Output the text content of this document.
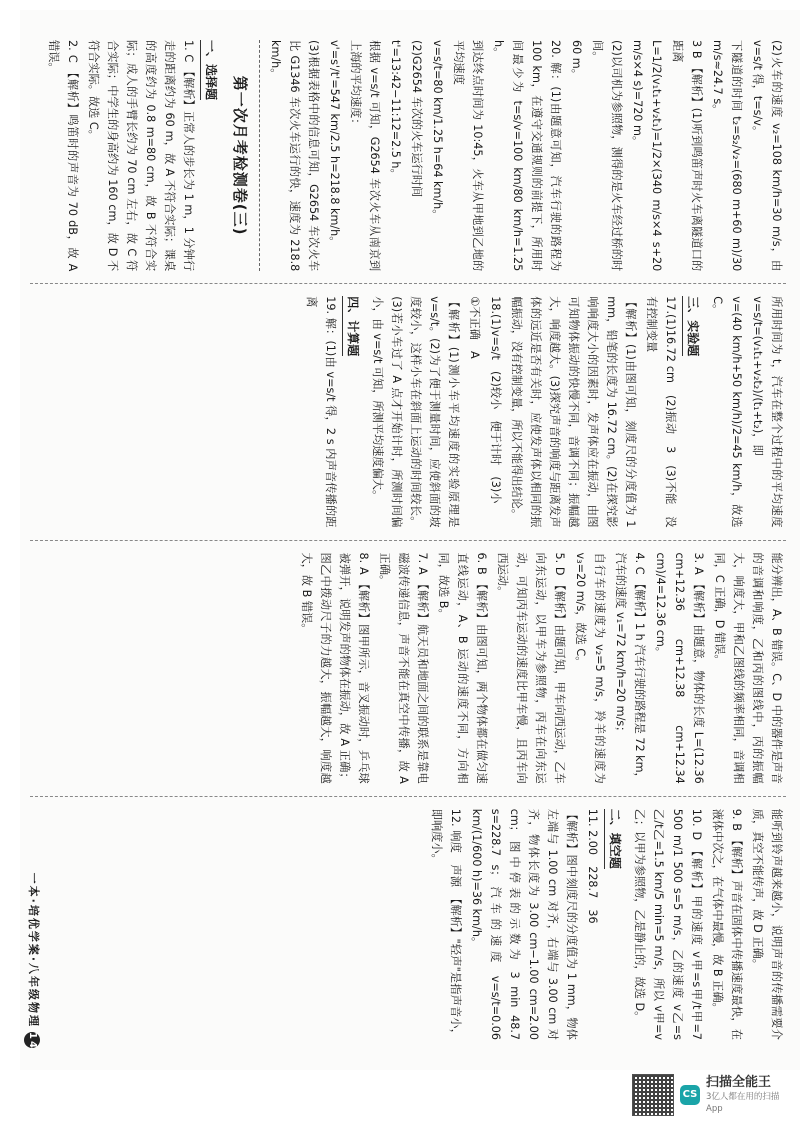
(2)火车的速度 v₂=108 km/h=30 m/s，由 v=s/t 得，t=s/v。

下隧道的时间 t₂=s₂/v₂=(680 m+60 m)/30 m/s≈24.7 s。

3 B 【解析】(1)听到鸣笛声时火车离隧道口的距离

L=1/2(v₁t₁+v₂t₁)=1/2×(340 m/s×4 s+20 m/s×4 s)=720 m。

(2)以司机为参照物，测得的是火车经过桥的时间。

60 m。

20. 解：(1)由题意可知，汽车行驶的路程为 100 km，在遵守交通规则的前提下，所用时间最少为 t=s/v=100 km/80 km/h=1.25 h。

到达终点时间为 10:45，火车从甲地到乙地的平均速度

v=s/t=80 km/1.25 h=64 km/h。

(2)G2654 车次的火车运行时间

t'=13:42−11:12=2.5 h。

根据 v=s/t 可知，G2654 车次火车从南京到上海的平均速度：

v'=s'/t'=547 km/2.5 h=218.8 km/h。

(3)根据表格中的信息可知，G2654 车次火车比 G1346 车次火车运行的快，速度为 218.8 km/h。

第一次月考检测卷(三)
一、选择题

1. C 【解析】正常人的步长为 1 m，1 分钟行走的距离约为 60 m，故 A 不符合实际；课桌的高度约为 0.8 m=80 cm，故 B 不符合实际；成人的手臂长约为 70 cm 左右，故 C 符合实际；中学生的身高约为 160 cm，故 D 不符合实际。故选 C。

2. C 【解析】鸣笛时的声音为 70 dB，故 A 错误。

所用时间为 t，汽车在整个过程中的平均速度 v=s/t=(v₁t₁+v₂t₂)/(t₁+t₂)，即

v=(40 km/h+50 km/h)/2=45 km/h，故选 C。

三、实验题

17.(1)16.72 cm　(2)振动　3　(3)不能　没有控制变量

【解析】(1)由图可知，刻度尺的分度值为 1 mm，铅笔的长度为 16.72 cm。(2)在探究影响响度大小的因素时，发声体应在振动，由图可知物体振动的快慢不同，音调不同；振幅越大，响度越大。(3)探究声音的响度与距离发声体的远近是否有关时，应使发声体以相同的振幅振动，没有控制变量，所以不能得出结论。

18.(1)v=s/t　(2)较小　便于计时　(3)小

①不正确　A

【解析】(1)测小车平均速度的实验原理是 v=s/t。(2)为了便于测量时间，应使斜面的坡度较小，这样小车在斜面上运动的时间较长。(3)若小车过了 A 点才开始计时，所测时间偏小，由 v=s/t 可知，所测平均速度偏大。

四、计算题

19. 解：(1)由 v=s/t 得，2 s 内声音传播的距离

能分辨出，A、B 错误。C、D 中的器件是声音的音调和响度，乙和丙的图线中，丙的振幅大，响度大，甲和乙图线的频率相同，音调相同，C 正确，D 错误。

3. A 【解析】由题意，物体的长度 L=(12.36 cm+12.36 cm+12.38 cm+12.34 cm)/4=12.36 cm。

4. C 【解析】1 h 汽车行驶的路程是 72 km，汽车的速度 v₁=72 km/h=20 m/s；

自行车的速度为 v₂=5 m/s，羚羊的速度为 v₃=20 m/s，故选 C。

5. D 【解析】由题可知，甲车向西运动，乙车向东运动，以甲车为参照物，丙车在向东运动，可知丙车运动的速度比甲车慢，且丙车向西运动。

6. B 【解析】由图可知，两个物体都在做匀速直线运动，A、B 运动的速度不同，方向相同，故选 B。

7. A 【解析】航天员和地面之间的联系是靠电磁波传递信息，声音不能在真空中传播，故 A 正确。

8. A 【解析】图甲所示，音叉振动时，乒乓球被弹开，说明发声的物体在振动，故 A 正确；图乙中拨动尺子的力越大，振幅越大，响度越大，故 B 错误。

能听到铃声越来越小，说明声音的传播需要介质，真空不能传声，故 D 正确。

9. B 【解析】声音在固体中传播速度最快，在液体中次之，在气体中最慢，故 B 正确。

10. D 【解析】甲的速度 v甲=s甲/t甲=7 500 m/1 500 s=5 m/s，乙的速度 v乙=s乙/t乙=1.5 km/5 min=5 m/s，所以 v甲=v乙；以甲为参照物，乙是静止的，故选 D。

二、填空题

11. 2.00　228.7　36

【解析】图中刻度尺的分度值为 1 mm，物体左端与 1.00 cm 对齐，右端与 3.00 cm 对齐，物体长度为 3.00 cm−1.00 cm=2.00 cm；图中停表的示数为 3 min 48.7 s=228.7 s；汽车的速度 v=s/t=0.06 km/(1/600 h)=36 km/h。

12. 响度　声源　【解析】"轻声"是指声音小，即响度小。

一本·培优学案·八年级物理14
CS
扫描全能王
3亿人都在用的扫描App
